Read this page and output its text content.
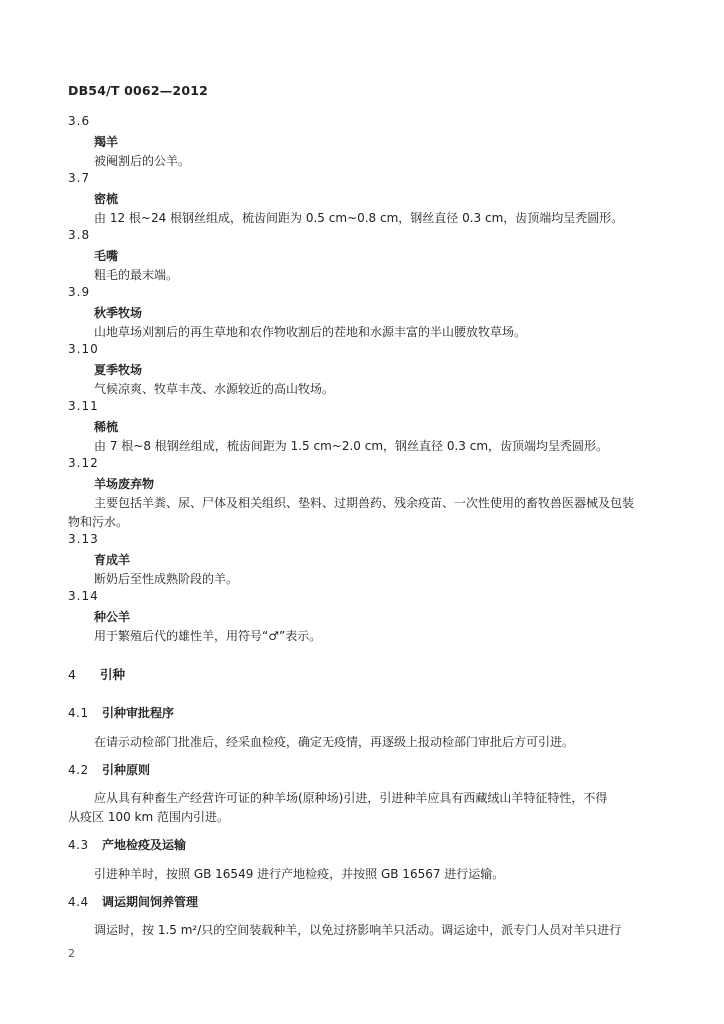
DB54/T 0062—2012
3.6
羯羊
被阉割后的公羊。
3.7
密梳
由 12 根~24 根钢丝组成，梳齿间距为 0.5 cm~0.8 cm，钢丝直径 0.3 cm，齿顶端均呈秃圆形。
3.8
毛嘴
粗毛的最末端。
3.9
秋季牧场
山地草场刈割后的再生草地和农作物收割后的茬地和水源丰富的半山腰放牧草场。
3.10
夏季牧场
气候凉爽、牧草丰茂、水源较近的高山牧场。
3.11
稀梳
由 7 根~8 根钢丝组成，梳齿间距为 1.5 cm~2.0 cm，钢丝直径 0.3 cm，齿顶端均呈秃圆形。
3.12
羊场废弃物
主要包括羊粪、尿、尸体及相关组织、垫料、过期兽药、残余疫苗、一次性使用的畜牧兽医器械及包装
物和污水。
3.13
育成羊
断奶后至性成熟阶段的羊。
3.14
种公羊
用于繁殖后代的雄性羊，用符号“♂”表示。
4 引种
4.1 引种审批程序
在请示动检部门批准后，经采血检疫，确定无疫情，再逐级上报动检部门审批后方可引进。
4.2 引种原则
应从具有种畜生产经营许可证的种羊场(原种场)引进，引进种羊应具有西藏绒山羊特征特性，不得
从疫区 100 km 范围内引进。
4.3 产地检疫及运输
引进种羊时，按照 GB 16549 进行产地检疫，并按照 GB 16567 进行运输。
4.4 调运期间饲养管理
调运时，按 1.5 m²/只的空间装载种羊，以免过挤影响羊只活动。调运途中，派专门人员对羊只进行
2
